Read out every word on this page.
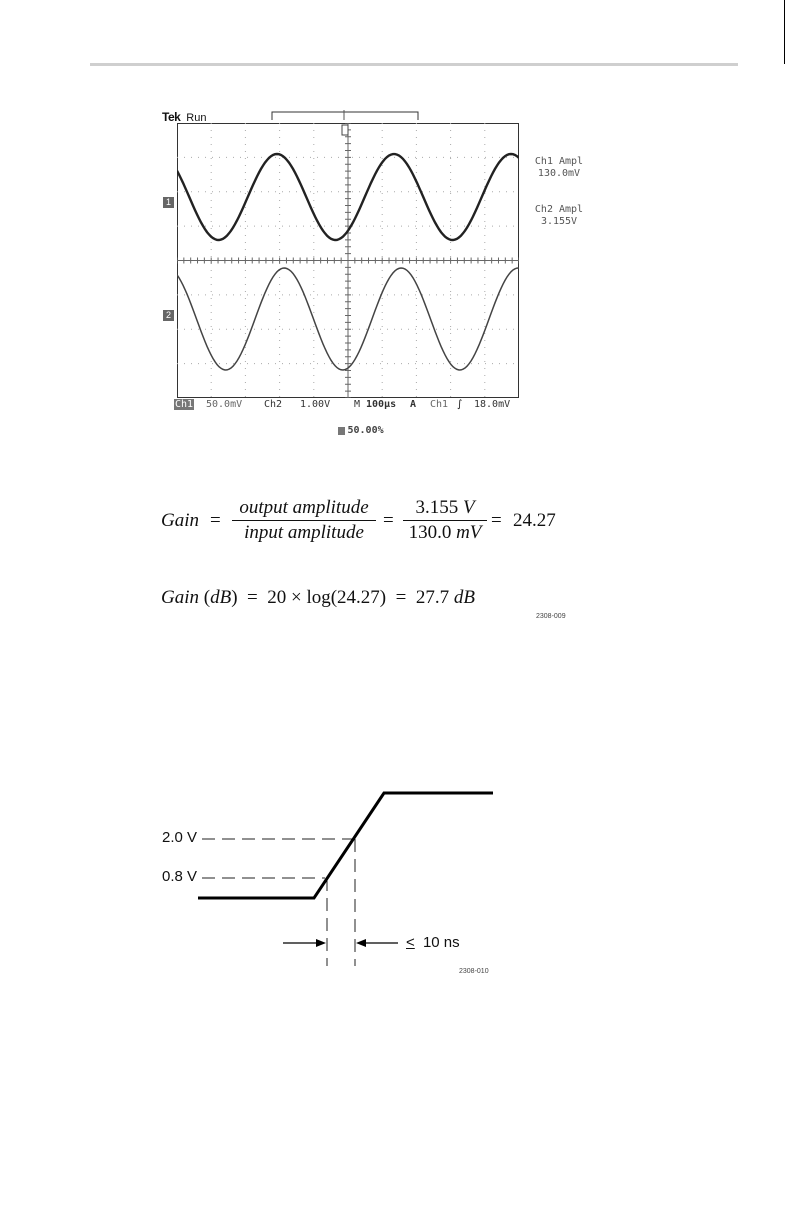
Tek Run
1
2
Ch1 Ampl
130.0mV
Ch2 Ampl
3.155V
Ch1 50.0mV Ch2 1.00V M 100µs A Ch1 ∫ 18.0mV
50.00%
Gain =
output amplitude
input amplitude
=
3.155 V
130.0 mV
= 24.27
Gain (dB)  =  20 × log(24.27)  =  27.7 dB
2308-009
2.0 V
0.8 V
≤ 10 ns
2308-010
